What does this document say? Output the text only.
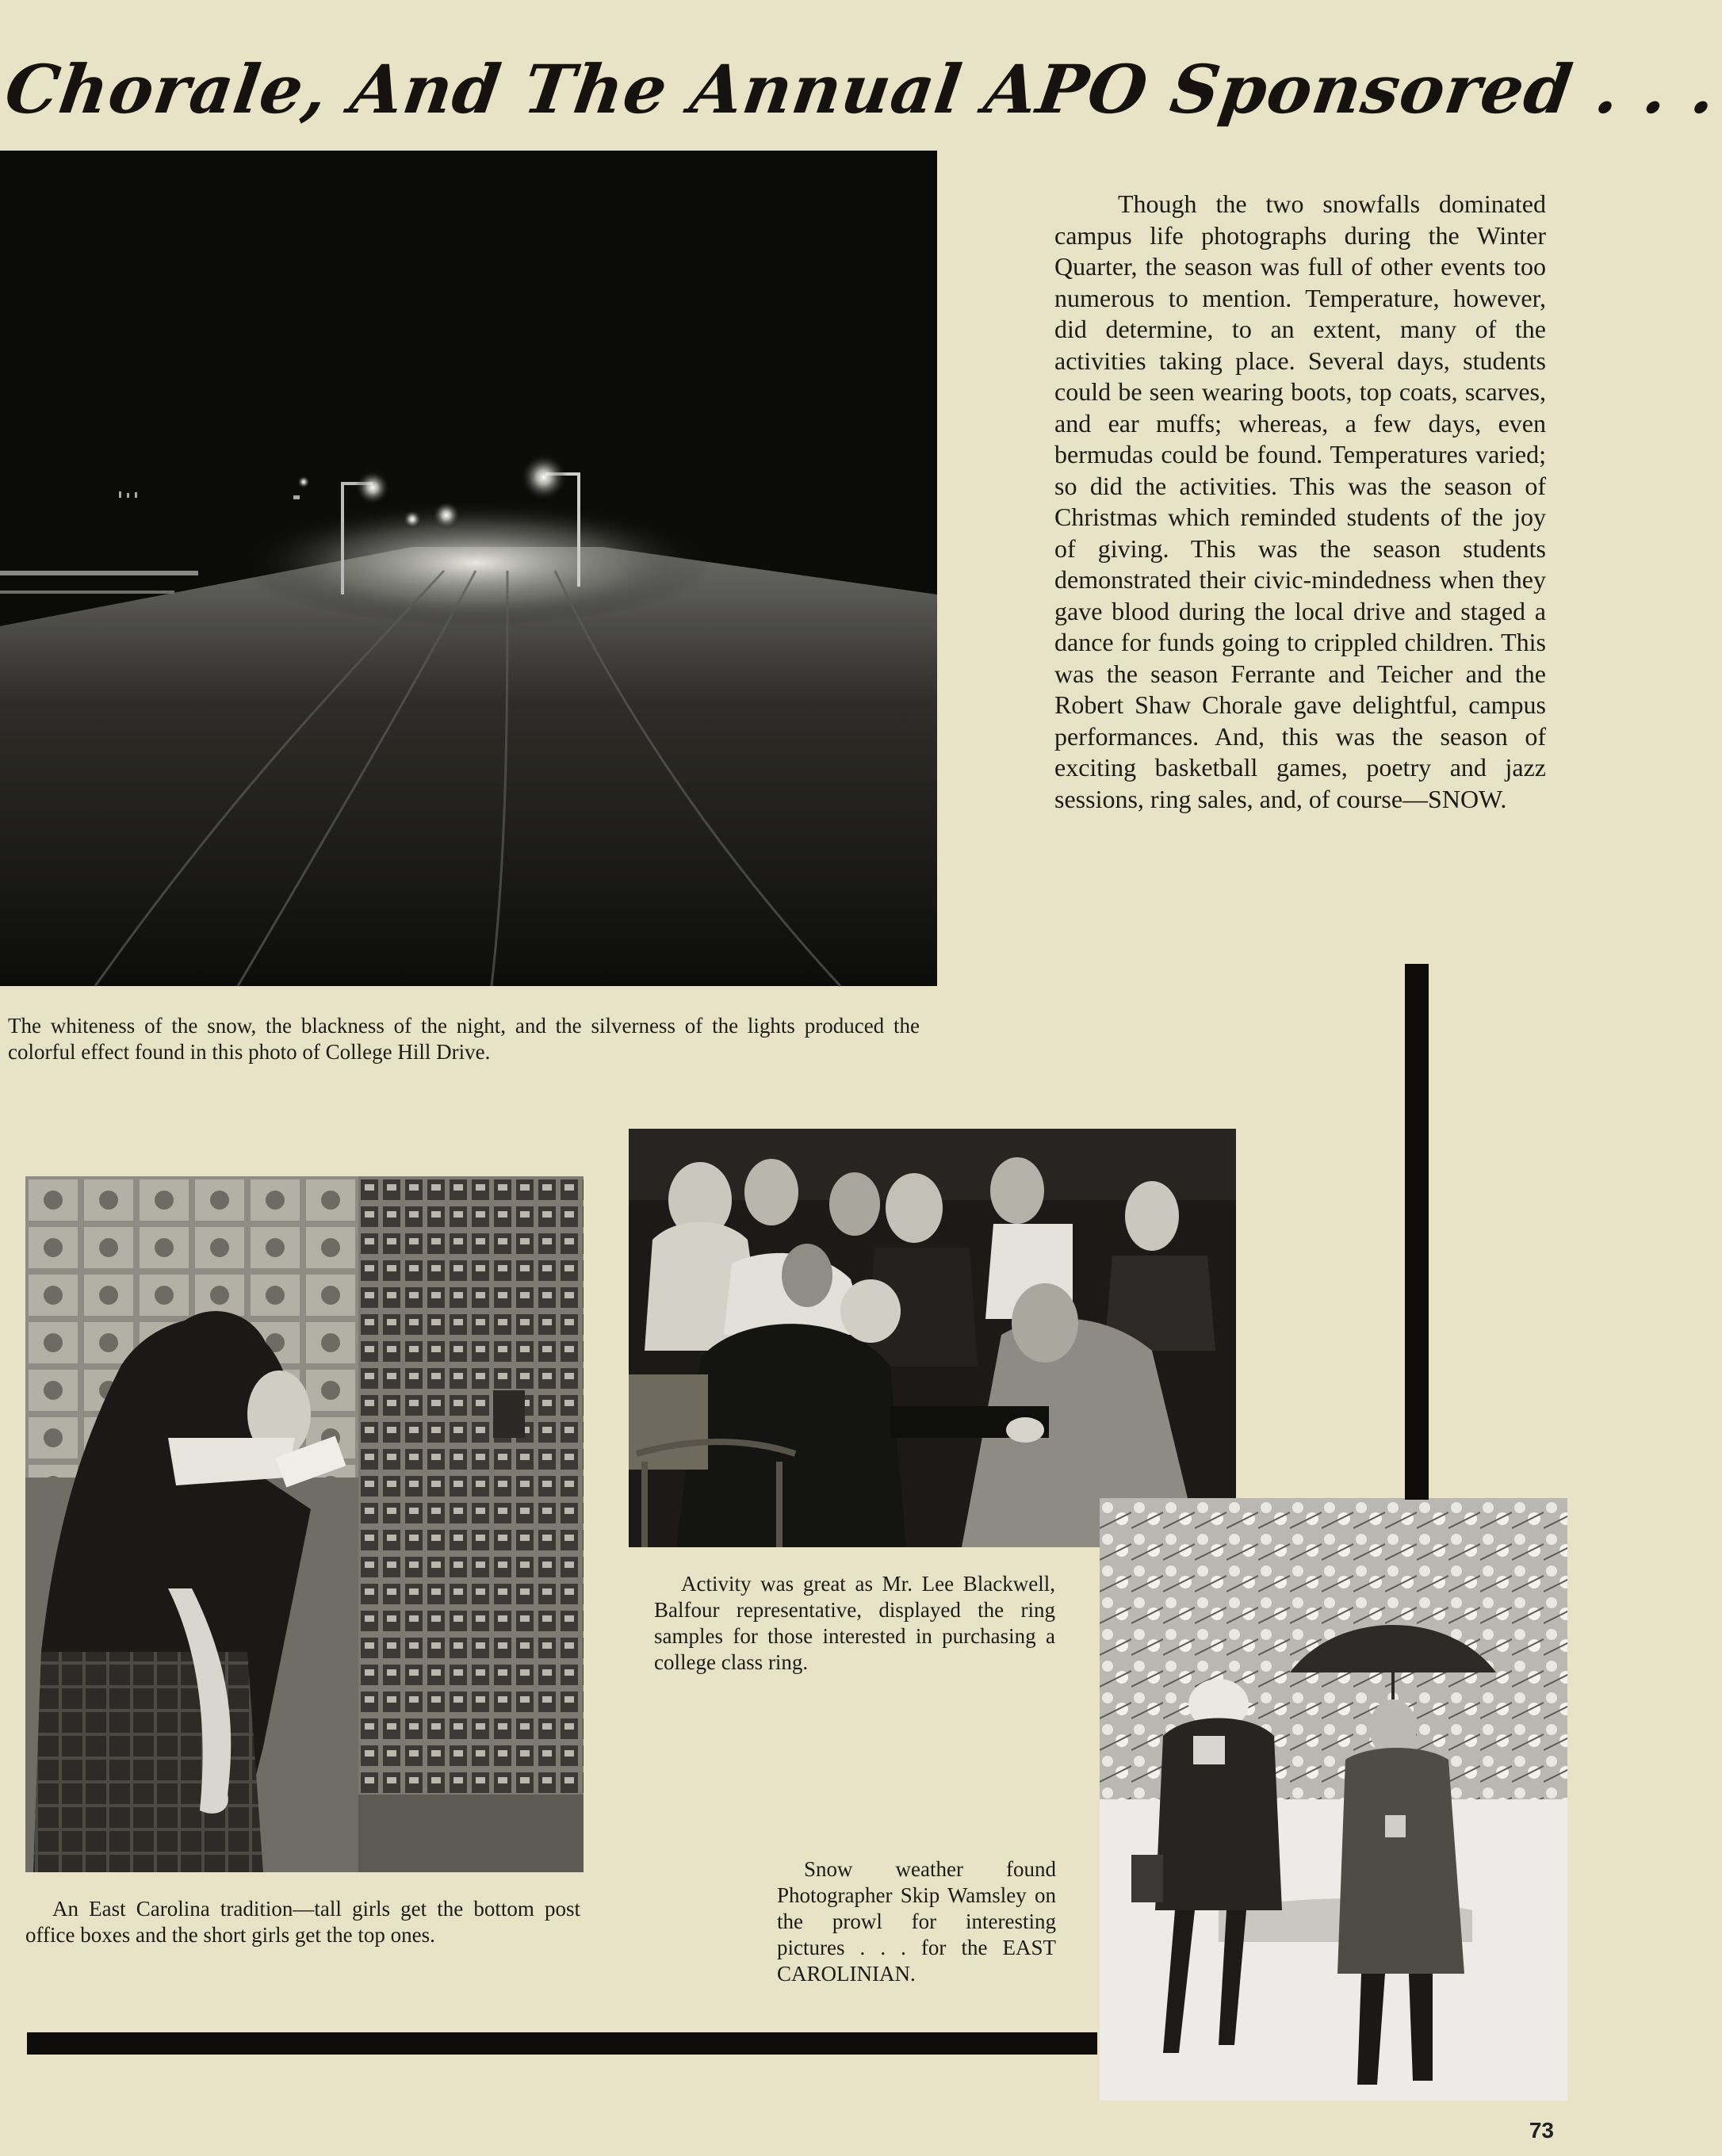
Chorale, And The Annual APO Sponsored . . .
Though the two snowfalls dominated campus life photographs during the Winter Quarter, the season was full of other events too numerous to mention. Temperature, however, did determine, to an extent, many of the activities taking place. Several days, students could be seen wearing boots, top coats, scarves, and ear muffs; whereas, a few days, even bermudas could be found. Temperatures varied; so did the activities. This was the season of Christmas which reminded students of the joy of giving. This was the season students demonstrated their civic-mindedness when they gave blood during the local drive and staged a dance for funds going to crippled children. This was the season Ferrante and Teicher and the Robert Shaw Chorale gave delightful, campus performances. And, this was the season of exciting basketball games, poetry and jazz sessions, ring sales, and, of course—SNOW.
The whiteness of the snow, the blackness of the night, and the silverness of the lights produced the colorful effect found in this photo of College Hill Drive.
An East Carolina tradition—tall girls get the bottom post office boxes and the short girls get the top ones.
Activity was great as Mr. Lee Blackwell, Balfour representative, displayed the ring samples for those interested in purchasing a college class ring.
Snow weather found Photographer Skip Wamsley on the prowl for interesting pictures . . . for the EAST CAROLINIAN.
73
